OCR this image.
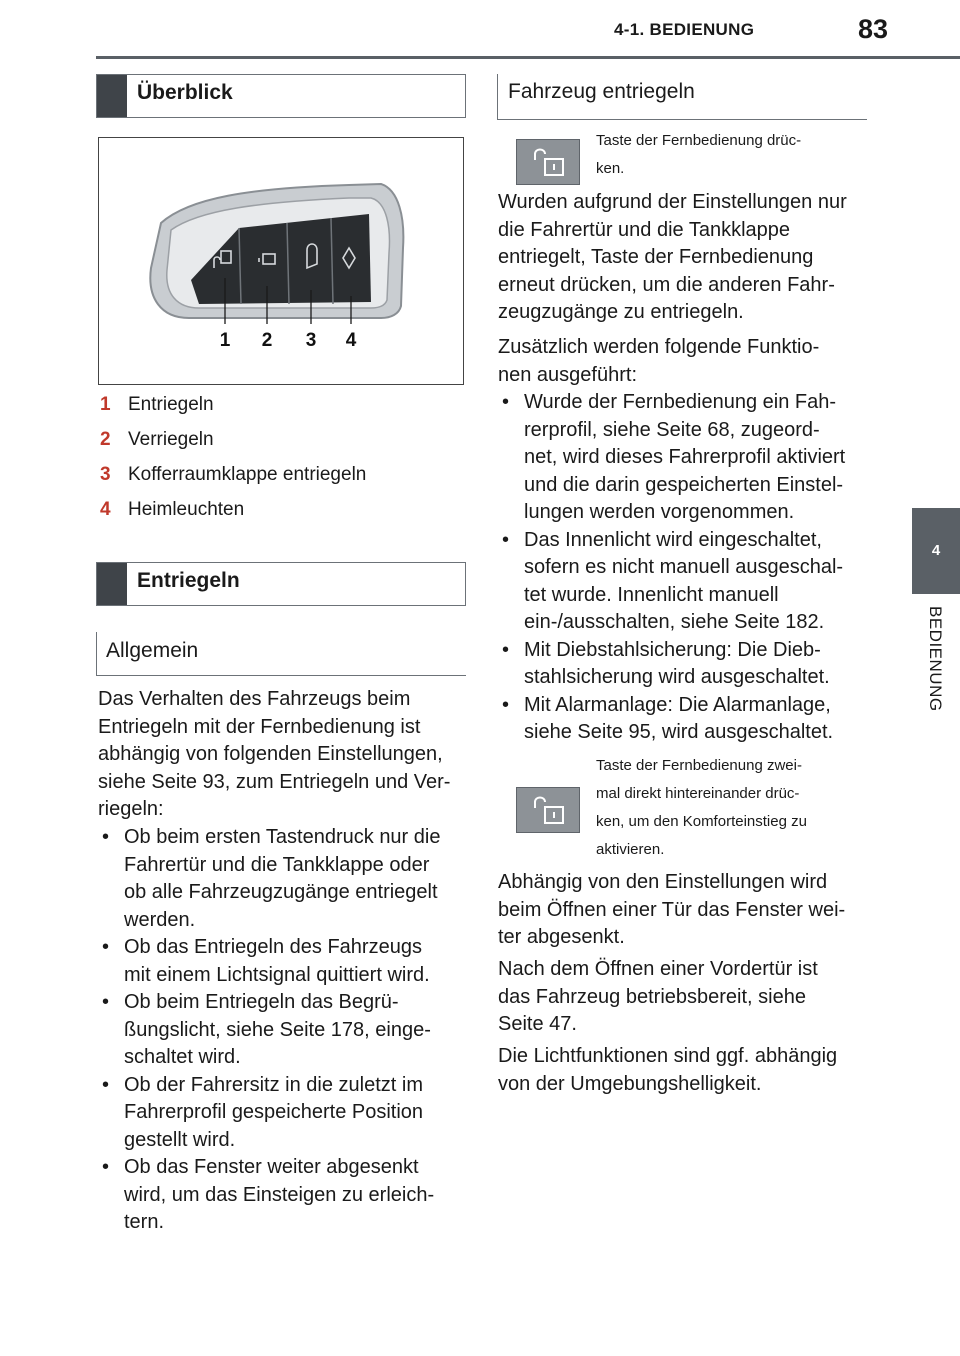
4-1. BEDIENUNG	83
4
BEDIENUNG
Überblick
1 2 3 4
1 Entriegeln
2 Verriegeln
3 Kofferraumklappe entriegeln
4 Heimleuchten
Entriegeln
Allgemein
Das Verhalten des Fahrzeugs beim
Entriegeln mit der Fernbedienung ist
abhängig von folgenden Einstellungen,
siehe Seite 93, zum Entriegeln und Ver-
riegeln:
• Ob beim ersten Tastendruck nur die
Fahrertür und die Tankklappe oder
ob alle Fahrzeugzugänge entriegelt
werden.
• Ob das Entriegeln des Fahrzeugs
mit einem Lichtsignal quittiert wird.
• Ob beim Entriegeln das Begrü-
ßungslicht, siehe Seite 178, einge-
schaltet wird.
• Ob der Fahrersitz in die zuletzt im
Fahrerprofil gespeicherte Position
gestellt wird.
• Ob das Fenster weiter abgesenkt
wird, um das Einsteigen zu erleich-
tern.
Fahrzeug entriegeln
Taste der Fernbedienung drüc-
ken.
Wurden aufgrund der Einstellungen nur
die Fahrertür und die Tankklappe
entriegelt, Taste der Fernbedienung
erneut drücken, um die anderen Fahr-
zeugzugänge zu entriegeln.
Zusätzlich werden folgende Funktio-
nen ausgeführt:
• Wurde der Fernbedienung ein Fah-
rerprofil, siehe Seite 68, zugeord-
net, wird dieses Fahrerprofil aktiviert
und die darin gespeicherten Einstel-
lungen werden vorgenommen.
• Das Innenlicht wird eingeschaltet,
sofern es nicht manuell ausgeschal-
tet wurde. Innenlicht manuell
ein-/ausschalten, siehe Seite 182.
• Mit Diebstahlsicherung: Die Dieb-
stahlsicherung wird ausgeschaltet.
• Mit Alarmanlage: Die Alarmanlage,
siehe Seite 95, wird ausgeschaltet.
Taste der Fernbedienung zwei-
mal direkt hintereinander drüc-
ken, um den Komforteinstieg zu
aktivieren.
Abhängig von den Einstellungen wird
beim Öffnen einer Tür das Fenster wei-
ter abgesenkt.
Nach dem Öffnen einer Vordertür ist
das Fahrzeug betriebsbereit, siehe
Seite 47.
Die Lichtfunktionen sind ggf. abhängig
von der Umgebungshelligkeit.
